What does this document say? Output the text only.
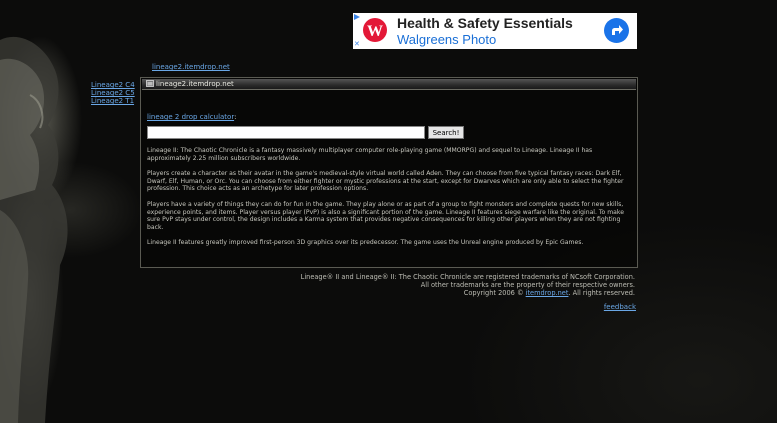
✕
W Health & Safety Essentials
Walgreens Photo
lineage2.itemdrop.net
Lineage2 C4
Lineage2 C5
Lineage2 T1
lineage2.itemdrop.net
lineage 2 drop calculator:
Search!
Lineage II: The Chaotic Chronicle is a fantasy massively multiplayer computer role-playing game (MMORPG) and sequel to Lineage. Lineage II has approximately 2.25 million subscribers worldwide.
Players create a character as their avatar in the game's medieval-style virtual world called Aden. They can choose from five typical fantasy races: Dark Elf, Dwarf, Elf, Human, or Orc. You can choose from either fighter or mystic professions at the start, except for Dwarves which are only able to select the fighter profession. This choice acts as an archetype for later profession options.
Players have a variety of things they can do for fun in the game. They play alone or as part of a group to fight monsters and complete quests for new skills, experience points, and items. Player versus player (PvP) is also a significant portion of the game. Lineage II features siege warfare like the original. To make sure PvP stays under control, the design includes a Karma system that provides negative consequences for killing other players when they are not fighting back.
Lineage II features greatly improved first-person 3D graphics over its predecessor. The game uses the Unreal engine produced by Epic Games.
Lineage® II and Lineage® II: The Chaotic Chronicle are registered trademarks of NCsoft Corporation.
All other trademarks are the property of their respective owners.
Copyright 2006 © itemdrop.net. All rights reserved.
feedback
